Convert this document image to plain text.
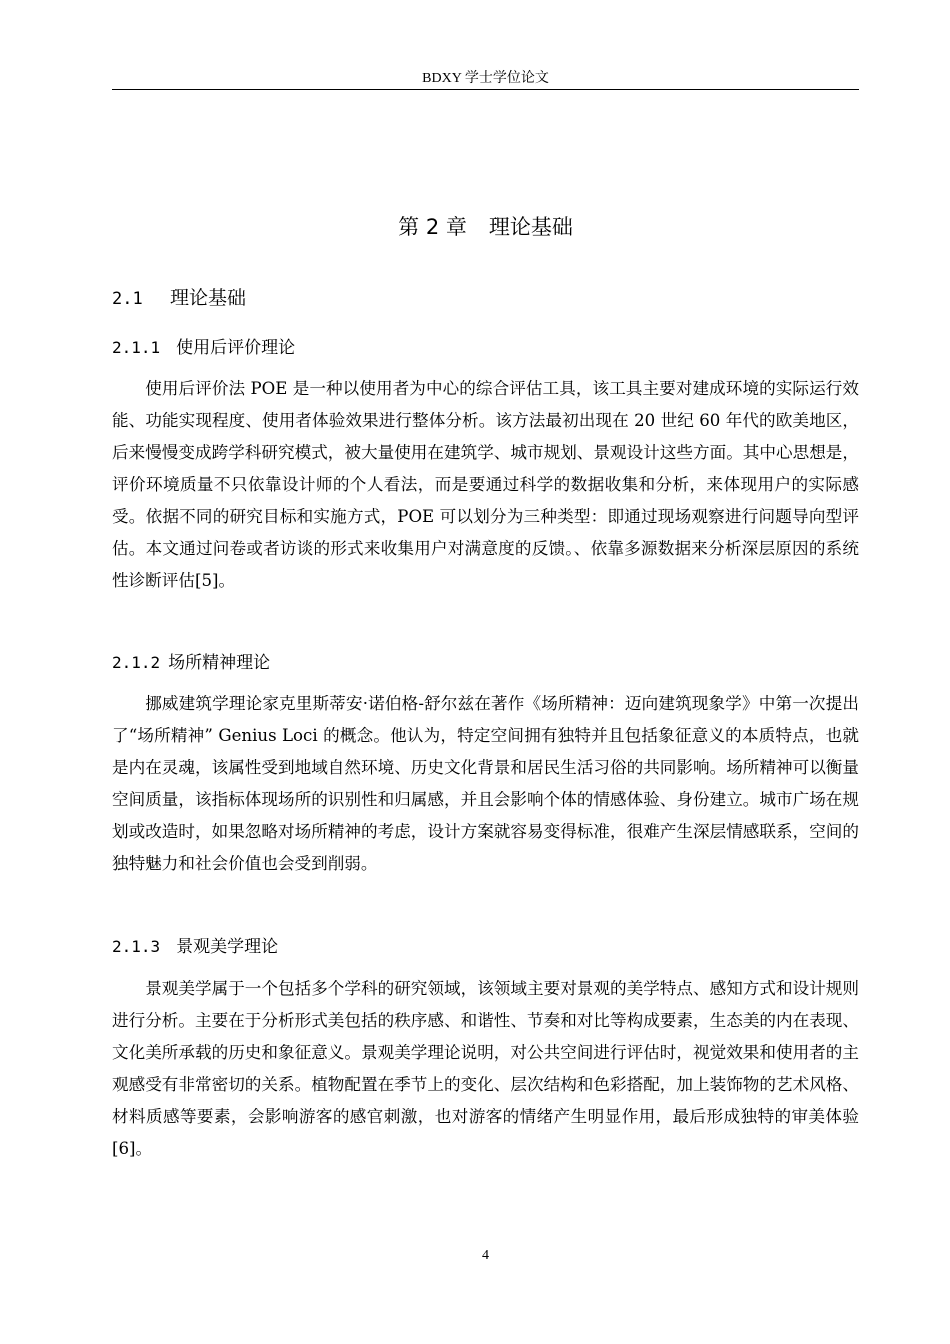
BDXY 学士学位论文
第 2 章 理论基础
2.1 理论基础
2.1.1 使用后评价理论

使用后评价法 POE 是一种以使用者为中心的综合评估工具，该工具主要对建成环境的实际运行效能、功能实现程度、使用者体验效果进行整体分析。该方法最初出现在 20 世纪 60 年代的欧美地区，后来慢慢变成跨学科研究模式，被大量使用在建筑学、城市规划、景观设计这些方面。其中心思想是，评价环境质量不只依靠设计师的个人看法，而是要通过科学的数据收集和分析，来体现用户的实际感受。依据不同的研究目标和实施方式，POE 可以划分为三种类型：即通过现场观察进行问题导向型评估。本文通过问卷或者访谈的形式来收集用户对满意度的反馈。、依靠多源数据来分析深层原因的系统性诊断评估[5]。

2.1.2 场所精神理论

挪威建筑学理论家克里斯蒂安·诺伯格-舒尔兹在著作《场所精神：迈向建筑现象学》中第一次提出了“场所精神” Genius Loci 的概念。他认为，特定空间拥有独特并且包括象征意义的本质特点，也就是内在灵魂，该属性受到地域自然环境、历史文化背景和居民生活习俗的共同影响。场所精神可以衡量空间质量，该指标体现场所的识别性和归属感，并且会影响个体的情感体验、身份建立。城市广场在规划或改造时，如果忽略对场所精神的考虑，设计方案就容易变得标准，很难产生深层情感联系，空间的独特魅力和社会价值也会受到削弱。

2.1.3 景观美学理论

景观美学属于一个包括多个学科的研究领域，该领域主要对景观的美学特点、感知方式和设计规则进行分析。主要在于分析形式美包括的秩序感、和谐性、节奏和对比等构成要素，生态美的内在表现、文化美所承载的历史和象征意义。景观美学理论说明，对公共空间进行评估时，视觉效果和使用者的主观感受有非常密切的关系。植物配置在季节上的变化、层次结构和色彩搭配，加上装饰物的艺术风格、材料质感等要素，会影响游客的感官刺激，也对游客的情绪产生明显作用，最后形成独特的审美体验[6]。

4
